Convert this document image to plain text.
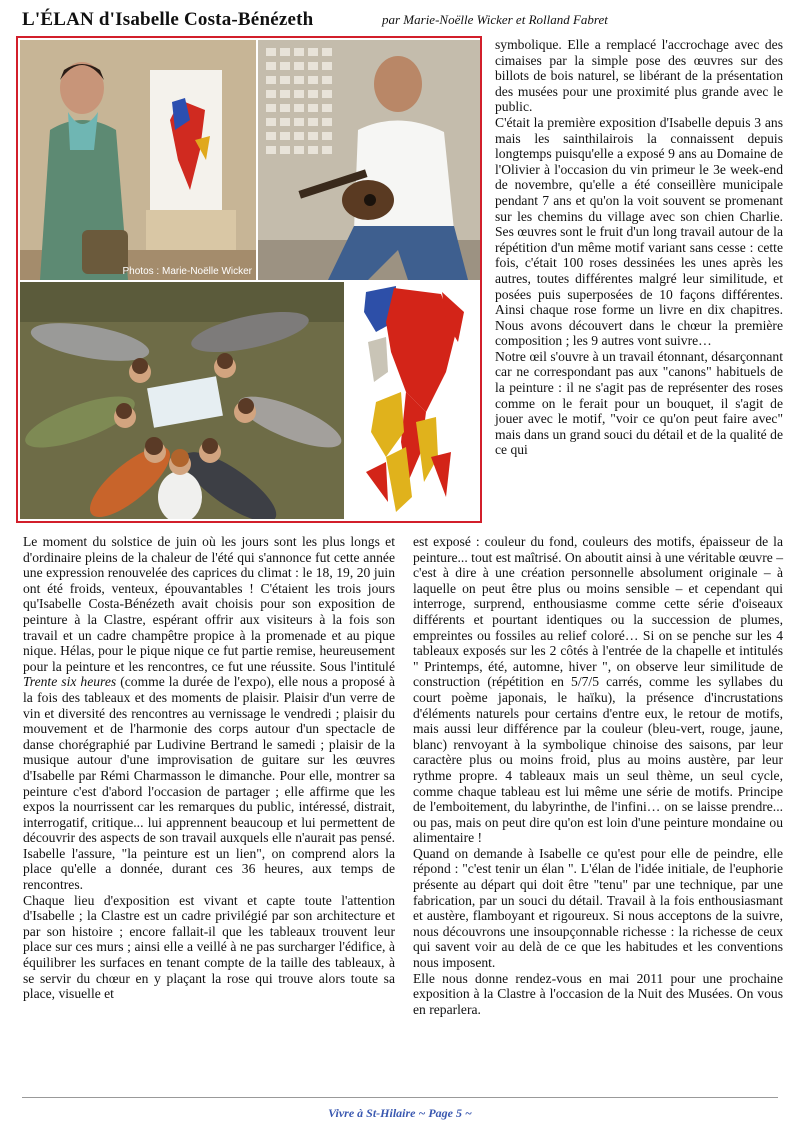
L'ÉLAN d'Isabelle Costa-Bénézeth	par Marie-Noëlle Wicker et Rolland Fabret
Photos : Marie-Noëlle Wicker

symbolique. Elle a remplacé l'accrochage avec des cimaises par la simple pose des œuvres sur des billots de bois naturel, se libérant de la présentation des musées pour une proximité plus grande avec le public.

C'était la première exposition d'Isabelle depuis 3 ans mais les sainthilairois la connaissent depuis longtemps puisqu'elle a exposé 9 ans au Domaine de l'Olivier à l'occasion du vin primeur le 3e week-end de novembre, qu'elle a été conseillère municipale pendant 7 ans et qu'on la voit souvent se promenant sur les chemins du village avec son chien Charlie. Ses œuvres sont le fruit d'un long travail autour de la répétition d'un même motif variant sans cesse : cette fois, c'était 100 roses dessinées les unes après les autres, toutes différentes malgré leur similitude, et posées puis superposées de 10 façons différentes. Ainsi chaque rose forme un livre en dix chapitres. Nous avons découvert dans le chœur la première composition ; les 9 autres vont suivre…

Notre œil s'ouvre à un travail étonnant, désarçonnant car ne correspondant pas aux "canons" habituels de la peinture : il ne s'agit pas de représenter des roses comme on le ferait pour un bouquet, il s'agit de jouer avec le motif, "voir ce qu'on peut faire avec" mais dans un grand souci du détail et de la qualité de ce qui

Le moment du solstice de juin où les jours sont les plus longs et d'ordinaire pleins de la chaleur de l'été qui s'annonce fut cette année une expression renouvelée des caprices du climat : le 18, 19, 20 juin ont été froids, venteux, épouvantables ! C'étaient les trois jours qu'Isabelle Costa-Bénézeth avait choisis pour son exposition de peinture à la Clastre, espérant offrir aux visiteurs à la fois son travail et un cadre champêtre propice à la promenade et au pique nique. Hélas, pour le pique nique ce fut partie remise, heureusement pour la peinture et les rencontres, ce fut une réussite. Sous l'intitulé Trente six heures (comme la durée de l'expo), elle nous a proposé à la fois des tableaux et des moments de plaisir. Plaisir d'un verre de vin et diversité des rencontres au vernissage le vendredi ; plaisir du mouvement et de l'harmonie des corps autour d'un spectacle de danse chorégraphié par Ludivine Bertrand le samedi ; plaisir de la musique autour d'une improvisation de guitare sur les œuvres d'Isabelle par Rémi Charmasson le dimanche. Pour elle, montrer sa peinture c'est d'abord l'occasion de partager ; elle affirme que les expos la nourrissent car les remarques du public, intéressé, distrait, interrogatif, critique... lui apprennent beaucoup et lui permettent de découvrir des aspects de son travail auxquels elle n'aurait pas pensé. Isabelle l'assure, "la peinture est un lien", on comprend alors la place qu'elle a donnée, durant ces 36 heures, aux temps de rencontres.

Chaque lieu d'exposition est vivant et capte toute l'attention d'Isabelle ; la Clastre est un cadre privilégié par son architecture et par son histoire ; encore fallait-il que les tableaux trouvent leur place sur ces murs ; ainsi elle a veillé à ne pas surcharger l'édifice, à équilibrer les surfaces en tenant compte de la taille des tableaux, à se servir du chœur en y plaçant la rose qui trouve alors toute sa place, visuelle et

est exposé : couleur du fond, couleurs des motifs, épaisseur de la peinture... tout est maîtrisé. On aboutit ainsi à une véritable œuvre – c'est à dire à une création personnelle absolument originale – à laquelle on peut être plus ou moins sensible – et cependant qui interroge, surprend, enthousiasme comme cette série d'oiseaux différents et pourtant identiques ou la succession de plumes, empreintes ou fossiles au relief coloré… Si on se penche sur les 4 tableaux exposés sur les 2 côtés à l'entrée de la chapelle et intitulés " Printemps, été, automne, hiver ", on observe leur similitude de construction (répétition en 5/7/5 carrés, comme les syllabes du court poème japonais, le haïku), la présence d'incrustations d'éléments naturels pour certains d'entre eux, le retour de motifs, mais aussi leur différence par la couleur (bleu-vert, rouge, jaune, blanc) renvoyant à la symbolique chinoise des saisons, par leur caractère plus ou moins froid, plus au moins austère, par leur rythme propre. 4 tableaux mais un seul thème, un seul cycle, comme chaque tableau est lui même une série de motifs. Principe de l'emboitement, du labyrinthe, de l'infini… on se laisse prendre... ou pas, mais on peut dire qu'on est loin d'une peinture mondaine ou alimentaire !

Quand on demande à Isabelle ce qu'est pour elle de peindre, elle répond : "c'est tenir un élan ". L'élan de l'idée initiale, de l'euphorie présente au départ qui doit être "tenu" par une technique, par une fabrication, par un souci du détail. Travail à la fois enthousiasmant et austère, flamboyant et rigoureux. Si nous acceptons de la suivre, nous découvrons une insoupçonnable richesse : la richesse de ceux qui savent voir au delà de ce que les habitudes et les conventions nous imposent.

Elle nous donne rendez-vous en mai 2011 pour une prochaine exposition à la Clastre à l'occasion de la Nuit des Musées. On vous en reparlera.

Vivre à St-Hilaire ~ Page 5 ~
